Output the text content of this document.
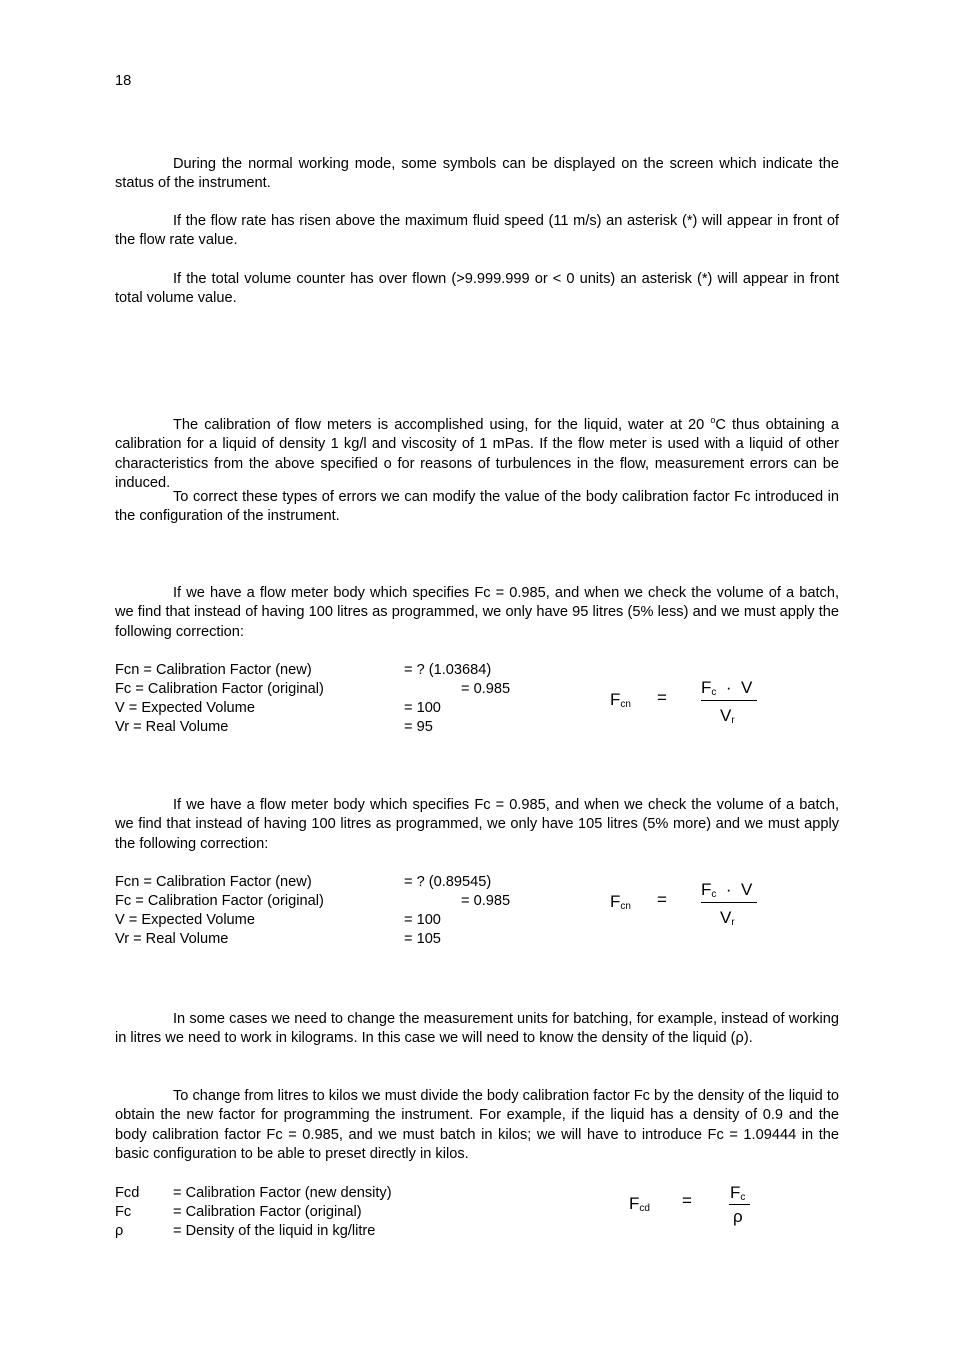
18
During the normal working mode, some symbols can be displayed on the screen which indicate the status of the instrument.
If the flow rate has risen above the maximum fluid speed (11 m/s) an asterisk (*) will appear in front of the flow rate value.
If the total volume counter has over flown (>9.999.999 or < 0 units) an asterisk (*) will appear in front total volume value.
The calibration of flow meters is accomplished using, for the liquid, water at 20 $^o$C thus obtaining a calibration for a liquid of density 1 kg/l and viscosity of 1 mPas. If the flow meter is used with a liquid of other characteristics from the above specified o for reasons of turbulences in the flow, measurement errors can be induced.
To correct these types of errors we can modify the value of the body calibration factor Fc introduced in the configuration of the instrument.
If we have a flow meter body which specifies Fc = 0.985, and when we check the volume of a batch, we find that instead of having 100 litres as programmed, we only have 95 litres (5% less) and we must apply the following correction:
Fcn = Calibration Factor (new)	= ? (1.03684)
Fc = Calibration Factor (original)	= 0.985
V = Expected Volume	= 100
Vr = Real Volume	= 95
$F_{cn}$ =
$F_c \cdot V$
$V_r$
If we have a flow meter body which specifies Fc = 0.985, and when we check the volume of a batch, we find that instead of having 100 litres as programmed, we only have 105 litres (5% more) and we must apply the following correction:
Fcn = Calibration Factor (new)	= ? (0.89545)
Fc = Calibration Factor (original)	= 0.985
V = Expected Volume	= 100
Vr = Real Volume	= 105
$F_{cn}$ =
$F_c \cdot V$
$V_r$
In some cases we need to change the measurement units for batching, for example, instead of working in litres we need to work in kilograms. In this case we will need to know the density of the liquid (ρ).
To change from litres to kilos we must divide the body calibration factor Fc by the density of the liquid to obtain the new factor for programming the instrument. For example, if the liquid has a density of 0.9 and the body calibration factor Fc = 0.985, and we must batch in kilos; we will have to introduce Fc = 1.09444 in the basic configuration to be able to preset directly in kilos.
Fcd = Calibration Factor (new density)
Fc	= Calibration Factor (original)
ρ	= Density of the liquid in kg/litre
$F_{cd} = F_c$
ρ
